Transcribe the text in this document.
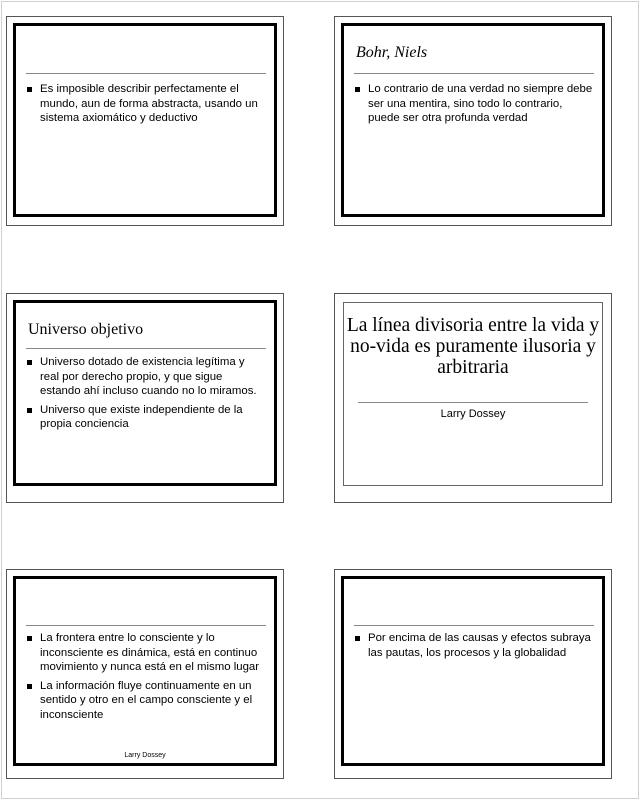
Es imposible describir perfectamente el mundo, aun de forma abstracta, usando un sistema axiomático y deductivo
Bohr, Niels
Lo contrario de una verdad no siempre debe ser una mentira, sino todo lo contrario, puede ser otra profunda verdad
Universo objetivo
Universo dotado de existencia legítima y real por derecho propio, y que sigue estando ahí incluso cuando no lo miramos.
Universo que existe independiente de la propia conciencia
La línea divisoria entre la vida y no-vida es puramente ilusoria y arbitraria
Larry Dossey
La frontera entre lo consciente y lo inconsciente es dinámica, está en continuo movimiento y nunca está en el mismo lugar
La información fluye continuamente en un sentido y otro en el campo consciente y el inconsciente
Larry Dossey
Por encima de las causas y efectos subraya las pautas, los procesos y la globalidad
